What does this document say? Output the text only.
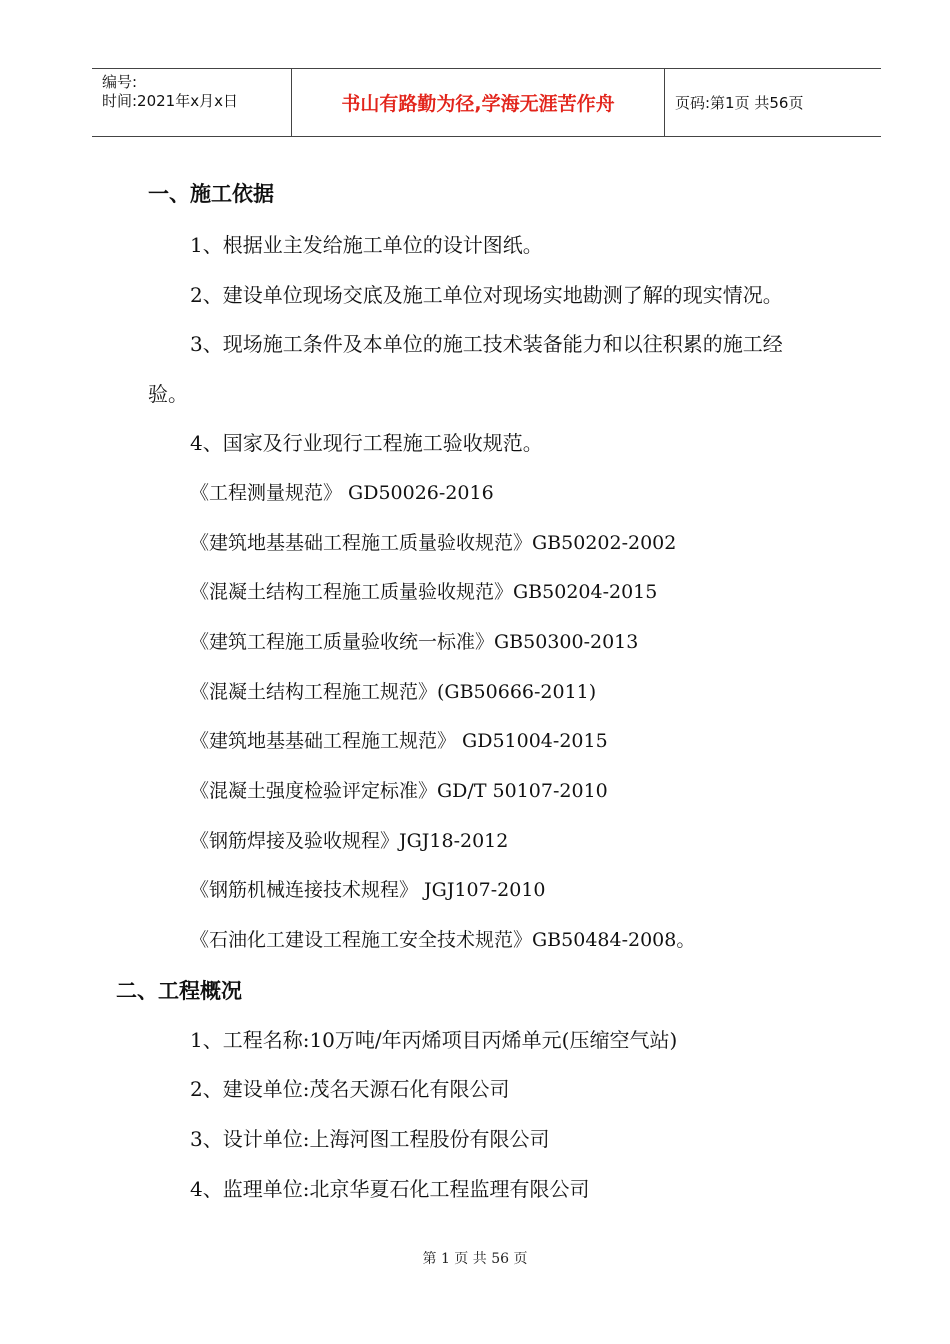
编号:
时间:2021年x月x日	书山有路勤为径,学海无涯苦作舟	页码:第1页 共56页
一、施工依据
1、根据业主发给施工单位的设计图纸。
2、建设单位现场交底及施工单位对现场实地勘测了解的现实情况。
3、现场施工条件及本单位的施工技术装备能力和以往积累的施工经
验。
4、国家及行业现行工程施工验收规范。
《工程测量规范》 GD50026-2016
《建筑地基基础工程施工质量验收规范》GB50202-2002
《混凝土结构工程施工质量验收规范》GB50204-2015
《建筑工程施工质量验收统一标准》GB50300-2013
《混凝土结构工程施工规范》(GB50666-2011)
《建筑地基基础工程施工规范》 GD51004-2015
《混凝土强度检验评定标准》GD/T 50107-2010
《钢筋焊接及验收规程》JGJ18-2012
《钢筋机械连接技术规程》 JGJ107-2010
《石油化工建设工程施工安全技术规范》GB50484-2008。
二、工程概况
1、工程名称:10万吨/年丙烯项目丙烯单元(压缩空气站)
2、建设单位:茂名天源石化有限公司
3、设计单位:上海河图工程股份有限公司
4、监理单位:北京华夏石化工程监理有限公司
第 1 页 共 56 页
